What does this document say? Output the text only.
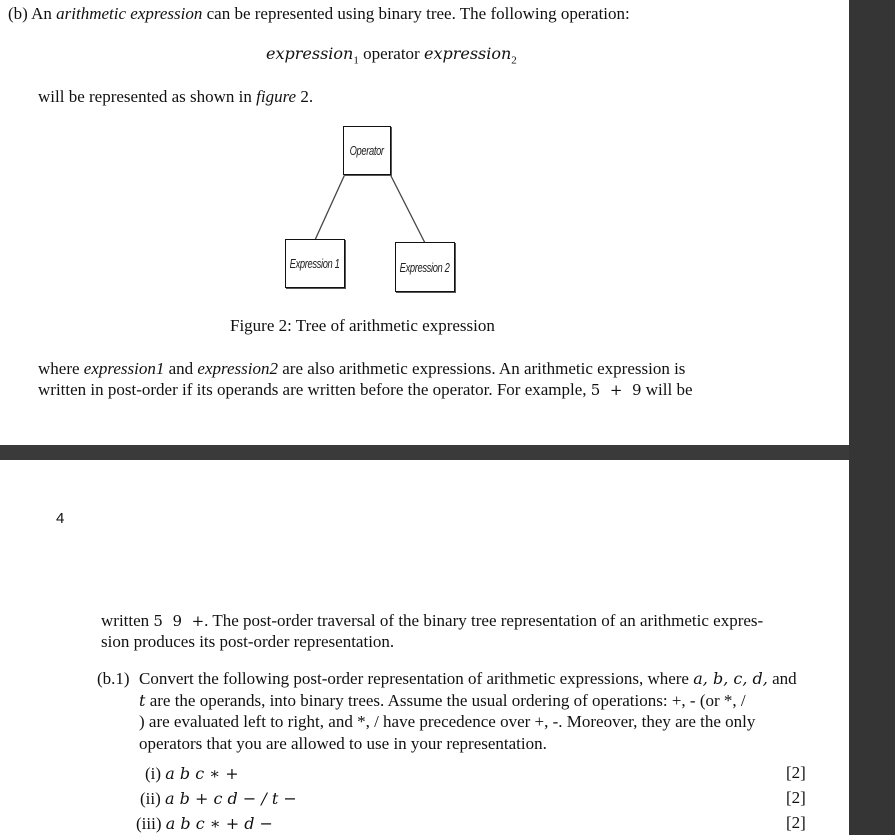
(b) An arithmetic expression can be represented using binary tree. The following operation:
expression$_1$ operator expression$_2$
will be represented as shown in figure 2.
Operator
Expression 1	Expression 2
Figure 2: Tree of arithmetic expression
where expression1 and expression2 are also arithmetic expressions. An arithmetic expression is
written in post-order if its operands are written before the operator. For example, 5  +  9 will be
4
written 5  9  +. The post-order traversal of the binary tree representation of an arithmetic expres-
sion produces its post-order representation.
(b.1) Convert the following post-order representation of arithmetic expressions, where a, b, c, d, and
t are the operands, into binary trees. Assume the usual ordering of operations: +, - (or *, /
) are evaluated left to right, and *, / have precedence over +, -. Moreover, they are the only
operators that you are allowed to use in your representation.
(i) a b c ∗ +	[2]
(ii) a b + c d − / t −	[2]
(iii) a b c ∗ + d −	[2]
